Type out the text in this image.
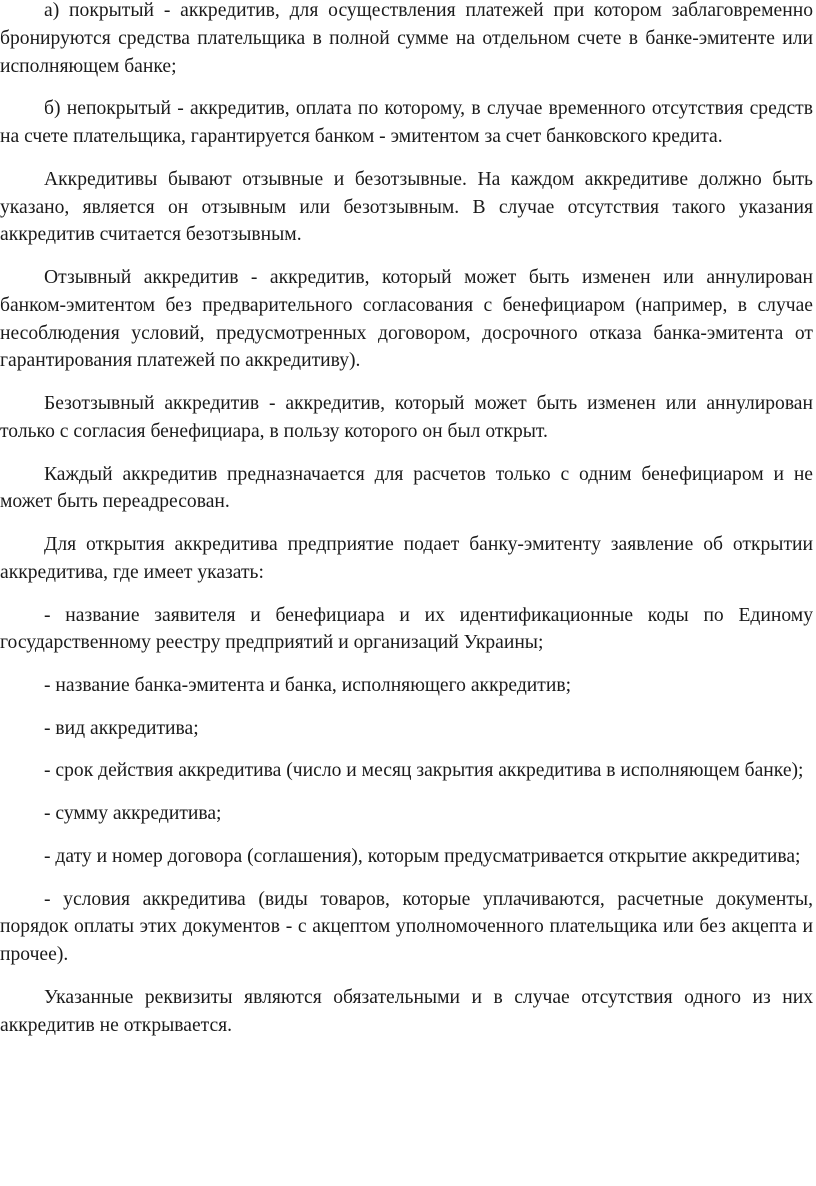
а) покрытый - аккредитив, для осуществления платежей при котором заблаговременно бронируются средства плательщика в полной сумме на отдельном счете в банке-эмитенте или исполняющем банке;

б) непокрытый - аккредитив, оплата по которому, в случае временного отсутствия средств на счете плательщика, гарантируется банком - эмитентом за счет банковского кредита.

Аккредитивы бывают отзывные и безотзывные. На каждом аккредитиве должно быть указано, является он отзывным или безотзывным. В случае отсутствия такого указания аккредитив считается безотзывным.

Отзывный аккредитив - аккредитив, который может быть изменен или аннулирован банком-эмитентом без предварительного согласования с бенефициаром (например, в случае несоблюдения условий, предусмотренных договором, досрочного отказа банка-эмитента от гарантирования платежей по аккредитиву).

Безотзывный аккредитив - аккредитив, который может быть изменен или аннулирован только с согласия бенефициара, в пользу которого он был открыт.

Каждый аккредитив предназначается для расчетов только с одним бенефициаром и не может быть переадресован.

Для открытия аккредитива предприятие подает банку-эмитенту заявление об открытии аккредитива, где имеет указать:

- название заявителя и бенефициара и их идентификационные коды по Единому государственному реестру предприятий и организаций Украины;

- название банка-эмитента и банка, исполняющего аккредитив;

- вид аккредитива;

- срок действия аккредитива (число и месяц закрытия аккредитива в исполняющем банке);

- сумму аккредитива;

- дату и номер договора (соглашения), которым предусматривается открытие аккредитива;

- условия аккредитива (виды товаров, которые уплачиваются, расчетные документы, порядок оплаты этих документов - с акцептом уполномоченного плательщика или без акцепта и прочее).

Указанные реквизиты являются обязательными и в случае отсутствия одного из них аккредитив не открывается.
